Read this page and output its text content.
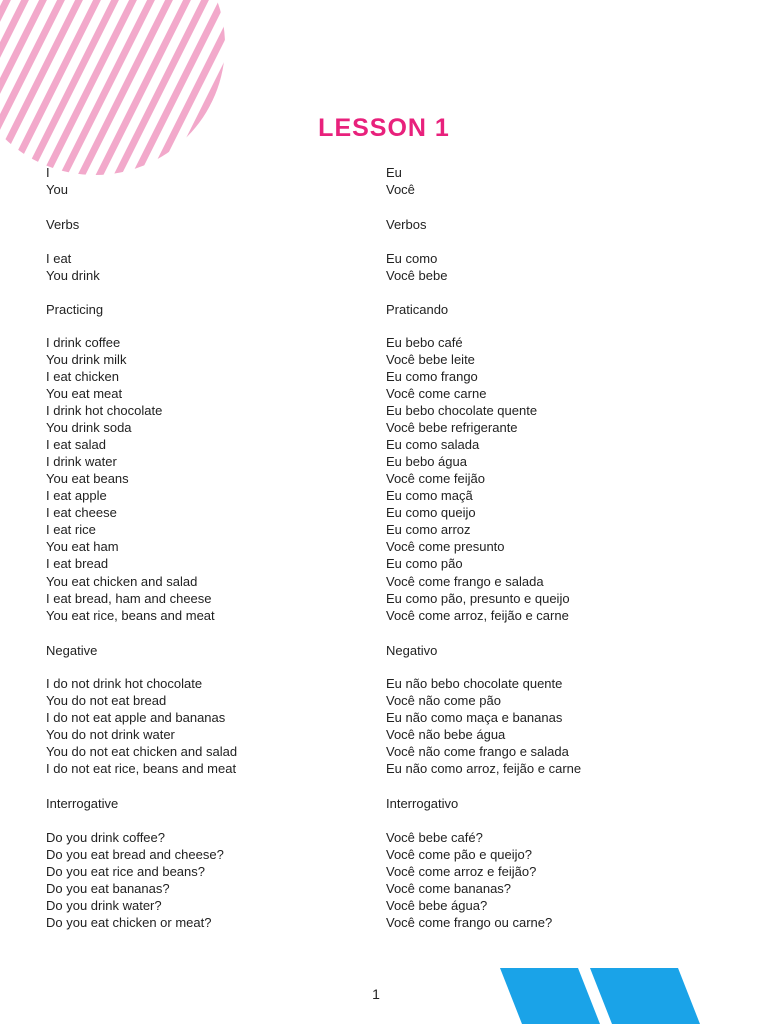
LESSON 1
I
You
Verbs
I eat
You drink
Practicing
I drink coffee
You drink milk
I eat chicken
You eat meat
I drink hot chocolate
You drink soda
I eat salad
I drink water
You eat beans
I eat apple
I eat cheese
I eat rice
You eat ham
I eat bread
You eat chicken and salad
I eat bread, ham and cheese
You eat rice, beans and meat
Negative
I do not drink hot chocolate
You do not eat bread
I do not eat apple and bananas
You do not drink water
You do not eat chicken and salad
I do not eat rice, beans and meat
Interrogative
Do you drink coffee?
Do you eat bread and cheese?
Do you eat rice and beans?
Do you eat bananas?
Do you drink water?
Do you eat chicken or meat?
Eu
Você
Verbos
Eu como
Você bebe
Praticando
Eu bebo café
Você bebe leite
Eu como frango
Você come carne
Eu bebo chocolate quente
Você bebe refrigerante
Eu como salada
Eu bebo água
Você come feijão
Eu como maçã
Eu como queijo
Eu como arroz
Você come presunto
Eu como pão
Você come frango e salada
Eu como pão, presunto e queijo
Você come arroz, feijão e carne
Negativo
Eu não bebo chocolate quente
Você não come pão
Eu não como maça e bananas
Você não bebe água
Você não come frango e salada
Eu não como arroz, feijão e carne
Interrogativo
Você bebe café?
Você come pão e queijo?
Você come arroz e feijão?
Você come bananas?
Você bebe água?
Você come frango ou carne?
1
